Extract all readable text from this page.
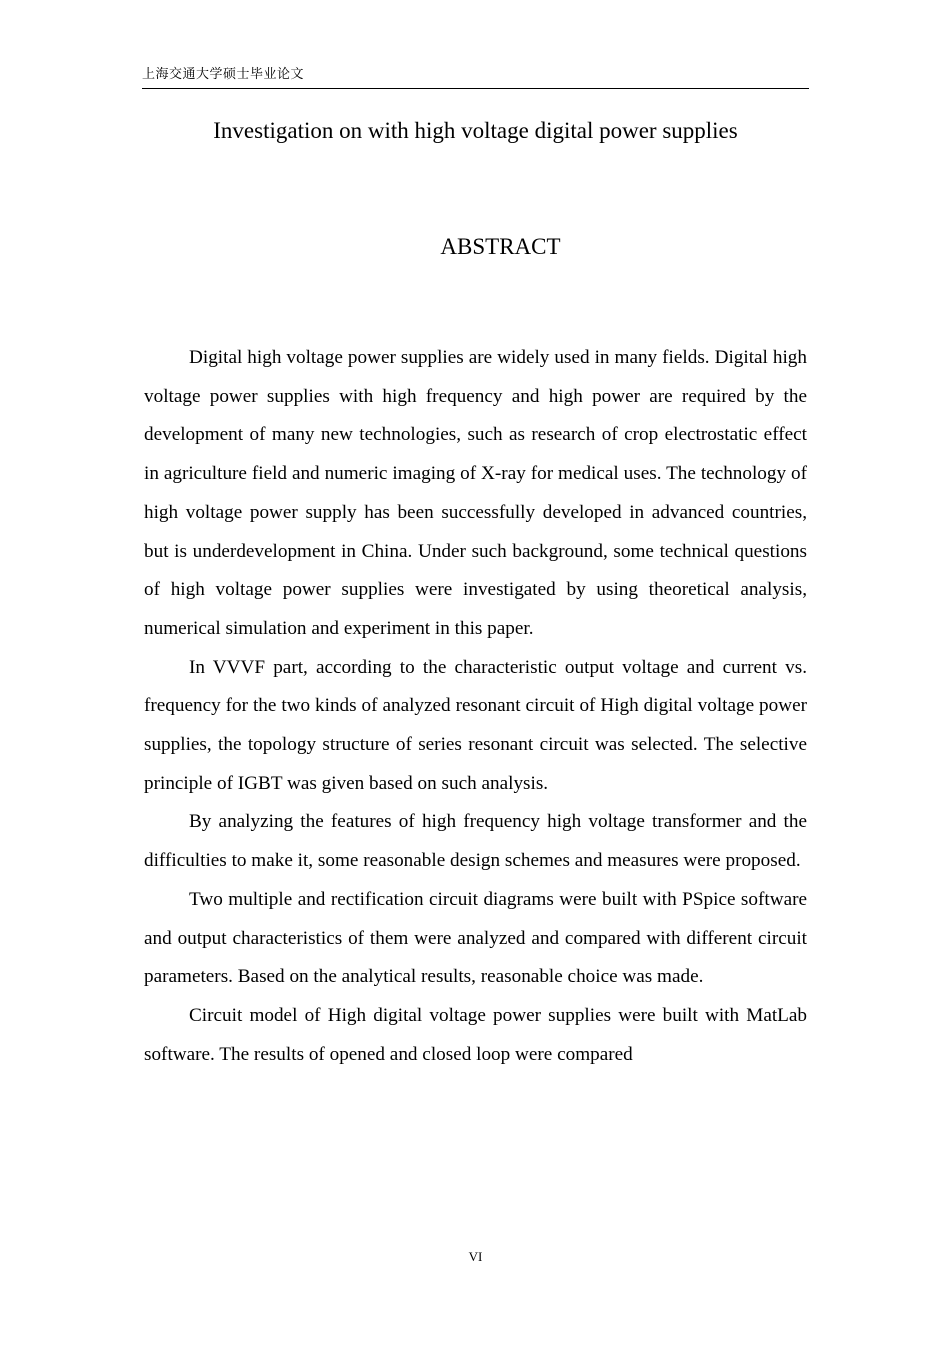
上海交通大学硕士毕业论文
Investigation on with high voltage digital power supplies
ABSTRACT

Digital high voltage power supplies are widely used in many fields. Digital high voltage power supplies with high frequency and high power are required by the development of many new technologies, such as research of crop electrostatic effect in agriculture field and numeric imaging of X-ray for medical uses. The technology of high voltage power supply has been successfully developed in advanced countries, but is underdevelopment in China. Under such background, some technical questions of high voltage power supplies were investigated by using theoretical analysis, numerical simulation and experiment in this paper.

In VVVF part, according to the characteristic output voltage and current vs. frequency for the two kinds of analyzed resonant circuit of High digital voltage power supplies, the topology structure of series resonant circuit was selected. The selective principle of IGBT was given based on such analysis.

By analyzing the features of high frequency high voltage transformer and the difficulties to make it, some reasonable design schemes and measures were proposed.

Two multiple and rectification circuit diagrams were built with PSpice software and output characteristics of them were analyzed and compared with different circuit parameters. Based on the analytical results, reasonable choice was made.

Circuit model of High digital voltage power supplies were built with MatLab software. The results of opened and closed loop were compared

VI
